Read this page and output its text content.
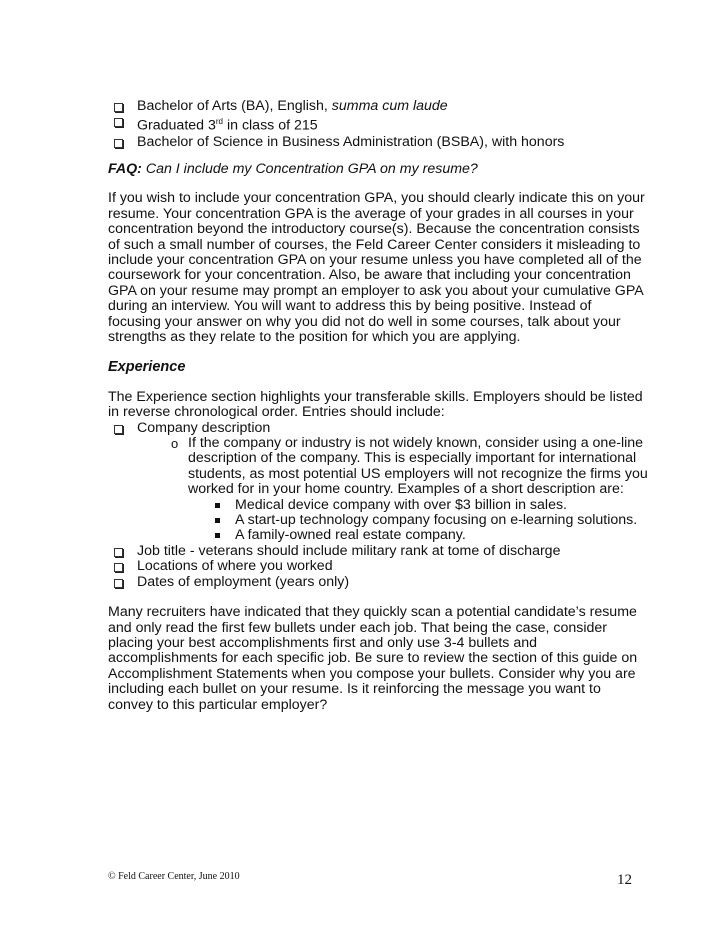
Bachelor of Arts (BA), English, summa cum laude
Graduated 3rd in class of 215
Bachelor of Science in Business Administration (BSBA), with honors

FAQ: Can I include my Concentration GPA on my resume?

If you wish to include your concentration GPA, you should clearly indicate this on your resume. Your concentration GPA is the average of your grades in all courses in your concentration beyond the introductory course(s). Because the concentration consists of such a small number of courses, the Feld Career Center considers it misleading to include your concentration GPA on your resume unless you have completed all of the coursework for your concentration. Also, be aware that including your concentration GPA on your resume may prompt an employer to ask you about your cumulative GPA during an interview. You will want to address this by being positive. Instead of focusing your answer on why you did not do well in some courses, talk about your strengths as they relate to the position for which you are applying.

Experience

The Experience section highlights your transferable skills. Employers should be listed in reverse chronological order. Entries should include:

Company description
o If the company or industry is not widely known, consider using a one-line description of the company. This is especially important for international students, as most potential US employers will not recognize the firms you worked for in your home country. Examples of a short description are:
Medical device company with over $3 billion in sales.
A start-up technology company focusing on e-learning solutions.
A family-owned real estate company.
Job title - veterans should include military rank at tome of discharge
Locations of where you worked
Dates of employment (years only)

Many recruiters have indicated that they quickly scan a potential candidate’s resume and only read the first few bullets under each job. That being the case, consider placing your best accomplishments first and only use 3-4 bullets and accomplishments for each specific job. Be sure to review the section of this guide on Accomplishment Statements when you compose your bullets. Consider why you are including each bullet on your resume. Is it reinforcing the message you want to convey to this particular employer?

© Feld Career Center, June 2010	12
